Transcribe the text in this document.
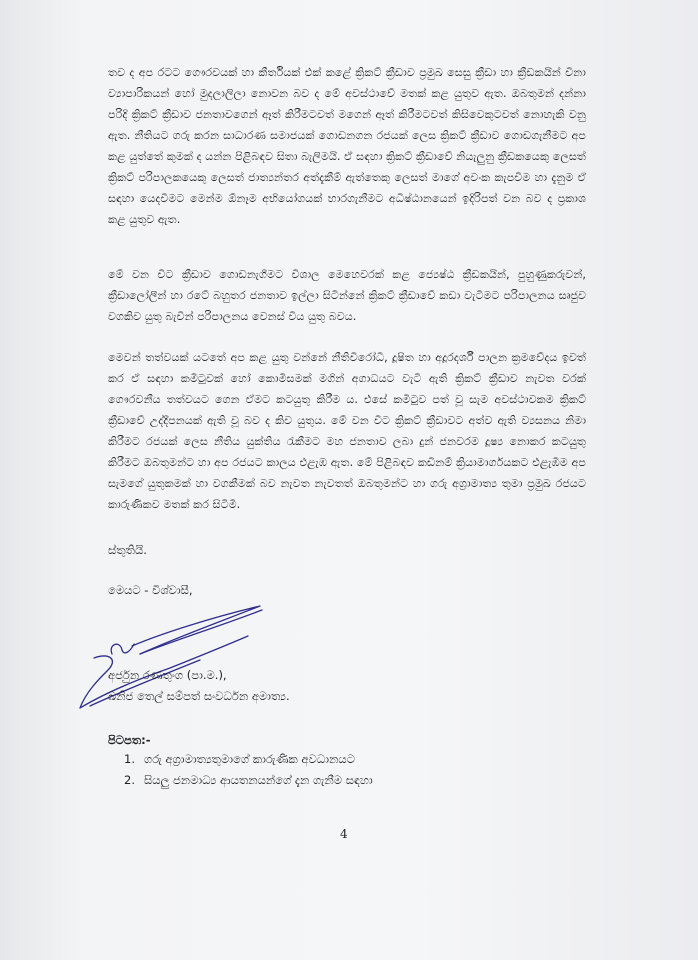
තව ද අප රටට ගෞරවයක් හා කීර්තියක් එක් කළේ ක්‍රිකට් ක්‍රීඩාව ප්‍රමුඛ සෙසු ක්‍රීඩා හා ක්‍රීඩකයින් විනා ව්‍යාපාරිකයන් හෝ මුදලාලිලා නොවන බව ද මේ අවස්ථාවේ මතක් කළ යුතුව ඇත. ඔබතුමන් දන්නා පරිදි ක්‍රිකට් ක්‍රීඩාව ජනතාවගෙන් ඈත් කිරීමටවත් මගෙන් ඈත් කිරීමටවත් කිසිවෙකුටවත් නොහැකි වනු ඇත. නීතියට ගරු කරන සාධාරණ සමාජයක් ගොඩනගන රජයක් ලෙස ක්‍රිකට් ක්‍රීඩාව ගොඩගැනීමට අප කළ යුත්තේ කුමක් ද යන්න පිළිබඳව සිතා බැලිමයි. ඒ සඳහා ක්‍රිකට් ක්‍රීඩාවේ නියැලුනු ක්‍රීඩකයෙකු ලෙසත් ක්‍රිකට් පරිපාලකයෙකු ලෙසත් ජාත්‍යන්තර අත්දැකීම් ඇත්තෙකු ලෙසත් මාගේ අවංක කැපවීම හා දැනුම ඒ සඳහා යෙදවීමට මෙන්ම ඕනෑම අභියෝගයක් භාරගැනීමට අධිෂ්ඨානයෙන් ඉදිරිපත් වන බව ද ප්‍රකාශ කළ යුතුව ඇත.
මේ වන විට ක්‍රීඩාව ගොඩනැගීමට විශාල මෙහෙවරක් කළ ජ්‍යෙෂ්ඨ ක්‍රීඩකයින්, පුහුණුකරුවන්, ක්‍රීඩාලෝලීන් හා රටේ බහුතර ජනතාව ඉල්ලා සිටින්නේ ක්‍රිකට් ක්‍රීඩාවේ කඩා වැටීමට පරිපාලනය සෘජුව වගකිව යුතු බැවින් පරිපාලනය වෙනස් විය යුතු බවය.
මෙවන් තත්වයක් යටතේ අප කළ යුතු වන්නේ නීතිවිරෝධී, දූෂිත හා අදූරදර්ශී පාලන ක්‍රමවේදය ඉවත් කර ඒ සඳහා කමිටුවක් හෝ කොමිසමක් මගින් අගාධයට වැටී ඇති ක්‍රිකට් ක්‍රීඩාව නැවත වරක් ගෞරවනීය තත්වයට ගෙන ඒමට කටයුතු කිරීම ය. එසේ කමිටුව පත් වූ සැම අවස්ථාවකම ක්‍රිකට් ක්‍රීඩාවේ උද්දීපනයක් ඇති වූ බව ද කිව යුතුය. මේ වන විට ක්‍රිකට් ක්‍රීඩාවට අත්ව ඇති ව්‍යසනය නිමා කිරීමට රජයක් ලෙස නීතිය යුක්තිය රැකීමට මහ ජනතාව ලබා දුන් ජනවරම දූෂ්‍ය නොකර කටයුතු කිරීමට ඔබතුමන්ට හා අප රජයට කාලය එළැඹ ඇත. මේ පිළිබඳව කඩිනම් ක්‍රියාමාර්ගයකට එළැඹීම අප සැමගේ යුතුකමක් හා වගකීමක් බව නැවත නැවතත් ඔබතුමන්ට හා ගරු අග්‍රාමාත්‍ය තුමා ප්‍රමුඛ රජයට කාරුණිකව මතක් කර සිටිමි.
ස්තුතියි.
මෙයට - විශ්වාසී,
අර්ජුන රණතුංග (පා.ම.),
ඛනිජ තෙල් සම්පත් සංවර්ධන අමාත්‍ය.
පිටපත:-
1. ගරු අග්‍රාමාත්‍යතුමාගේ කාරුණික අවධානයට
2. සියලු ජනමාධ්‍ය ආයතනයන්ගේ දැන ගැනීම සඳහා
4
